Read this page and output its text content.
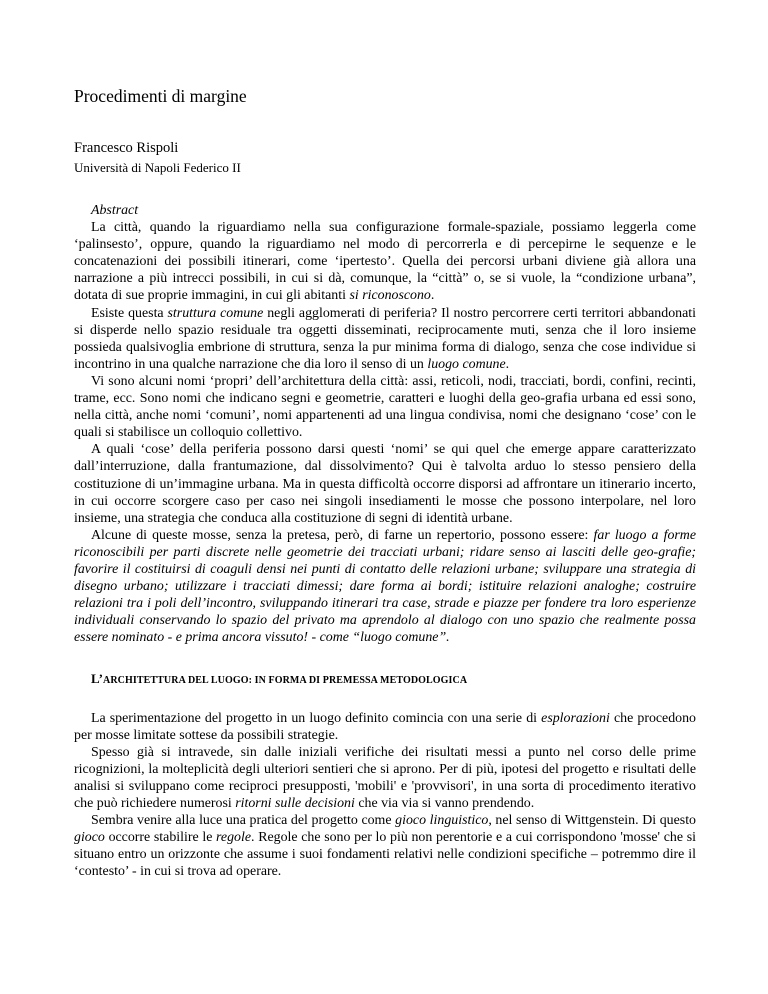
Procedimenti di margine
Francesco Rispoli
Università di Napoli Federico II
Abstract

La città, quando la riguardiamo nella sua configurazione formale-spaziale, possiamo leggerla come ‘palinsesto’, oppure, quando la riguardiamo nel modo di percorrerla e di percepirne le sequenze e le concatenazioni dei possibili itinerari, come ‘ipertesto’. Quella dei percorsi urbani diviene già allora una narrazione a più intrecci possibili, in cui si dà, comunque, la “città” o, se si vuole, la “condizione urbana”, dotata di sue proprie immagini, in cui gli abitanti si riconoscono.

Esiste questa struttura comune negli agglomerati di periferia? Il nostro percorrere certi territori abbandonati si disperde nello spazio residuale tra oggetti disseminati, reciprocamente muti, senza che il loro insieme possieda qualsivoglia embrione di struttura, senza la pur minima forma di dialogo, senza che cose individue si incontrino in una qualche narrazione che dia loro il senso di un luogo comune.

Vi sono alcuni nomi ‘propri’ dell’architettura della città: assi, reticoli, nodi, tracciati, bordi, confini, recinti, trame, ecc. Sono nomi che indicano segni e geometrie, caratteri e luoghi della geo-grafia urbana ed essi sono, nella città, anche nomi ‘comuni’, nomi appartenenti ad una lingua condivisa, nomi che designano ‘cose’ con le quali si stabilisce un colloquio collettivo.

A quali ‘cose’ della periferia possono darsi questi ‘nomi’ se qui quel che emerge appare caratterizzato dall’interruzione, dalla frantumazione, dal dissolvimento? Qui è talvolta arduo lo stesso pensiero della costituzione di un’immagine urbana. Ma in questa difficoltà occorre disporsi ad affrontare un itinerario incerto, in cui occorre scorgere caso per caso nei singoli insediamenti le mosse che possono interpolare, nel loro insieme, una strategia che conduca alla costituzione di segni di identità urbane.

Alcune di queste mosse, senza la pretesa, però, di farne un repertorio, possono essere: far luogo a forme riconoscibili per parti discrete nelle geometrie dei tracciati urbani; ridare senso ai lasciti delle geo-grafie; favorire il costituirsi di coaguli densi nei punti di contatto delle relazioni urbane; sviluppare una strategia di disegno urbano; utilizzare i tracciati dimessi; dare forma ai bordi; istituire relazioni analoghe; costruire relazioni tra i poli dell’incontro, sviluppando itinerari tra case, strade e piazze per fondere tra loro esperienze individuali conservando lo spazio del privato ma aprendolo al dialogo con uno spazio che realmente possa essere nominato - e prima ancora vissuto! - come “luogo comune”.

L’ARCHITETTURA DEL LUOGO: IN FORMA DI PREMESSA METODOLOGICA

La sperimentazione del progetto in un luogo definito comincia con una serie di esplorazioni che procedono per mosse limitate sottese da possibili strategie.

Spesso già si intravede, sin dalle iniziali verifiche dei risultati messi a punto nel corso delle prime ricognizioni, la molteplicità degli ulteriori sentieri che si aprono. Per di più, ipotesi del progetto e risultati delle analisi si sviluppano come reciproci presupposti, 'mobili' e 'provvisori', in una sorta di procedimento iterativo che può richiedere numerosi ritorni sulle decisioni che via via si vanno prendendo.

Sembra venire alla luce una pratica del progetto come gioco linguistico, nel senso di Wittgenstein. Di questo gioco occorre stabilire le regole. Regole che sono per lo più non perentorie e a cui corrispondono 'mosse' che si situano entro un orizzonte che assume i suoi fondamenti relativi nelle condizioni specifiche – potremmo dire il ‘contesto’ - in cui si trova ad operare.
